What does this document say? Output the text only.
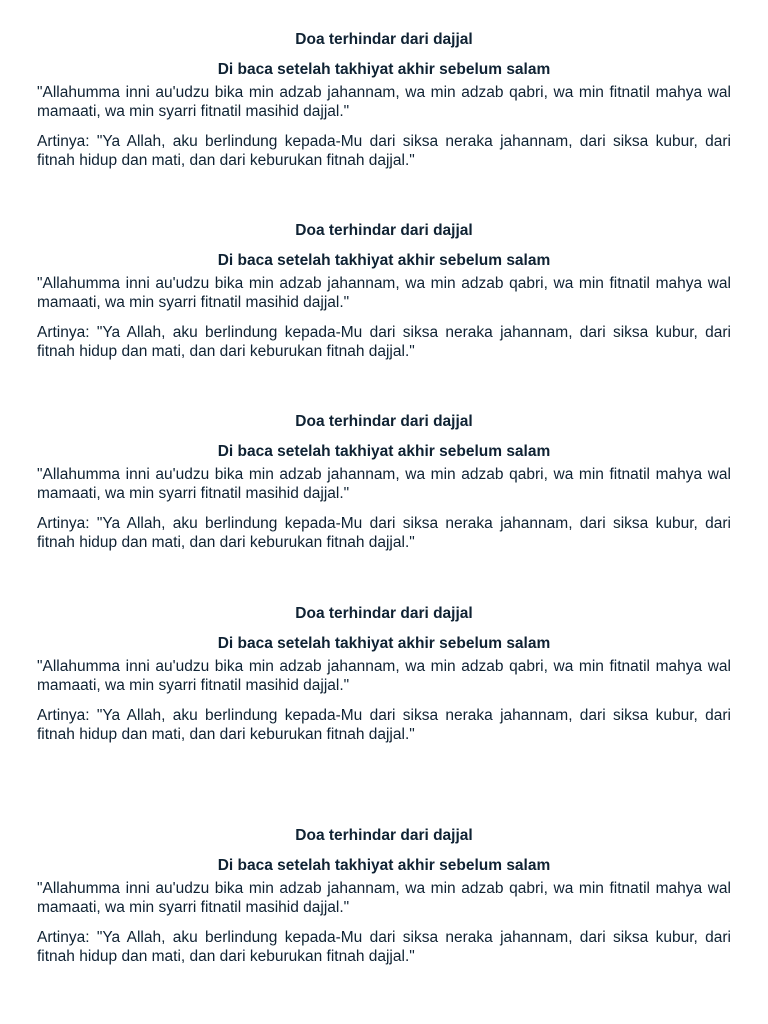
Doa terhindar dari dajjal
Di baca setelah takhiyat akhir sebelum salam

"Allahumma inni au'udzu bika min adzab jahannam, wa min adzab qabri, wa min fitnatil mahya wal mamaati, wa min syarri fitnatil masihid dajjal."

Artinya: "Ya Allah, aku berlindung kepada-Mu dari siksa neraka jahannam, dari siksa kubur, dari fitnah hidup dan mati, dan dari keburukan fitnah dajjal."

Doa terhindar dari dajjal
Di baca setelah takhiyat akhir sebelum salam

"Allahumma inni au'udzu bika min adzab jahannam, wa min adzab qabri, wa min fitnatil mahya wal mamaati, wa min syarri fitnatil masihid dajjal."

Artinya: "Ya Allah, aku berlindung kepada-Mu dari siksa neraka jahannam, dari siksa kubur, dari fitnah hidup dan mati, dan dari keburukan fitnah dajjal."

Doa terhindar dari dajjal
Di baca setelah takhiyat akhir sebelum salam

"Allahumma inni au'udzu bika min adzab jahannam, wa min adzab qabri, wa min fitnatil mahya wal mamaati, wa min syarri fitnatil masihid dajjal."

Artinya: "Ya Allah, aku berlindung kepada-Mu dari siksa neraka jahannam, dari siksa kubur, dari fitnah hidup dan mati, dan dari keburukan fitnah dajjal."

Doa terhindar dari dajjal
Di baca setelah takhiyat akhir sebelum salam

"Allahumma inni au'udzu bika min adzab jahannam, wa min adzab qabri, wa min fitnatil mahya wal mamaati, wa min syarri fitnatil masihid dajjal."

Artinya: "Ya Allah, aku berlindung kepada-Mu dari siksa neraka jahannam, dari siksa kubur, dari fitnah hidup dan mati, dan dari keburukan fitnah dajjal."

Doa terhindar dari dajjal
Di baca setelah takhiyat akhir sebelum salam

"Allahumma inni au'udzu bika min adzab jahannam, wa min adzab qabri, wa min fitnatil mahya wal mamaati, wa min syarri fitnatil masihid dajjal."

Artinya: "Ya Allah, aku berlindung kepada-Mu dari siksa neraka jahannam, dari siksa kubur, dari fitnah hidup dan mati, dan dari keburukan fitnah dajjal."
